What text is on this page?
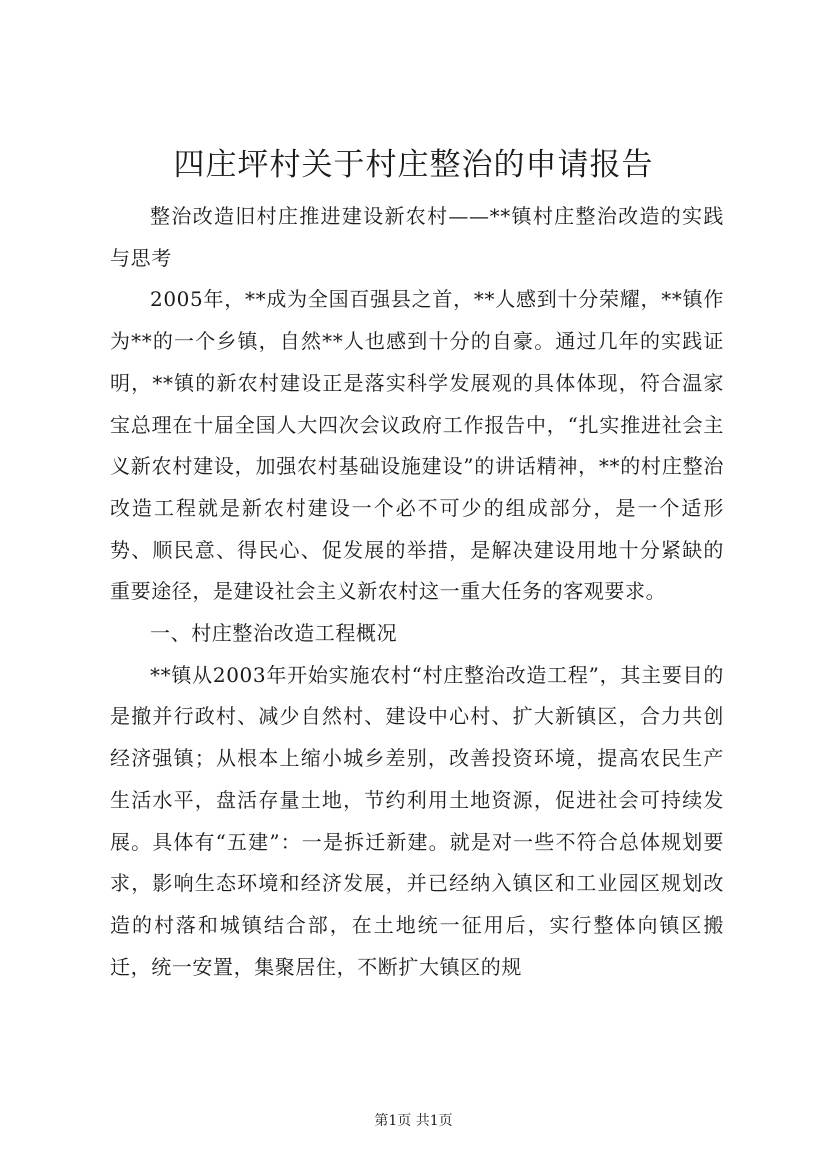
四庄坪村关于村庄整治的申请报告

整治改造旧村庄推进建设新农村——**镇村庄整治改造的实践与思考

2005年，**成为全国百强县之首，**人感到十分荣耀，**镇作为**的一个乡镇，自然**人也感到十分的自豪。通过几年的实践证明，**镇的新农村建设正是落实科学发展观的具体体现，符合温家宝总理在十届全国人大四次会议政府工作报告中，“扎实推进社会主义新农村建设，加强农村基础设施建设”的讲话精神，**的村庄整治改造工程就是新农村建设一个必不可少的组成部分，是一个适形势、顺民意、得民心、促发展的举措，是解决建设用地十分紧缺的重要途径，是建设社会主义新农村这一重大任务的客观要求。

一、村庄整治改造工程概况

**镇从2003年开始实施农村“村庄整治改造工程”，其主要目的是撤并行政村、减少自然村、建设中心村、扩大新镇区，合力共创经济强镇；从根本上缩小城乡差别，改善投资环境，提高农民生产生活水平，盘活存量土地，节约利用土地资源，促进社会可持续发展。具体有“五建”：一是拆迁新建。就是对一些不符合总体规划要求，影响生态环境和经济发展，并已经纳入镇区和工业园区规划改造的村落和城镇结合部，在土地统一征用后，实行整体向镇区搬迁，统一安置，集聚居住，不断扩大镇区的规

第1页 共1页
